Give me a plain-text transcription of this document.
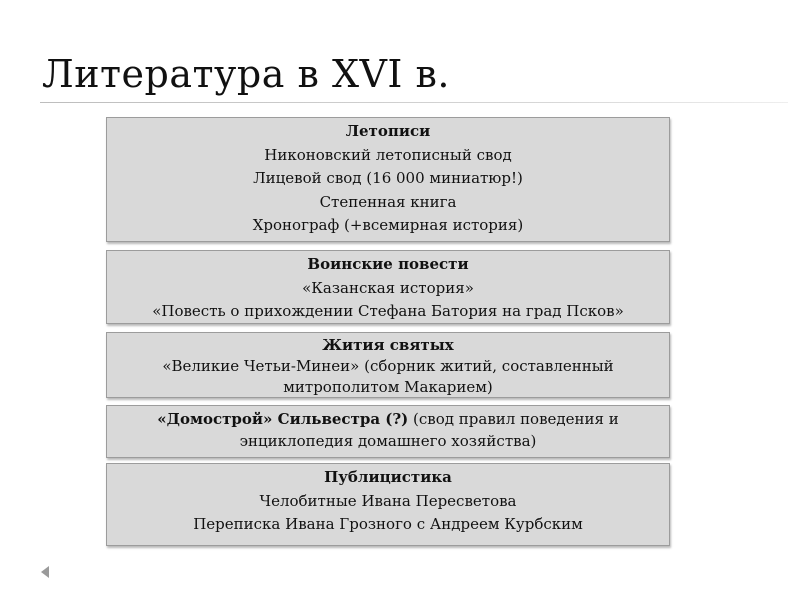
Литература в XVI в.
Летописи
Никоновский летописный свод
Лицевой свод (16 000 миниатюр!)
Степенная книга
Хронограф (+всемирная история)
Воинские повести
«Казанская история»
«Повесть о прихождении Стефана Батория на град Псков»
Жития святых
«Великие Четьи-Минеи» (сборник житий, составленный митрополитом Макарием)
«Домострой» Сильвестра (?) (свод правил поведения и энциклопедия домашнего хозяйства)
Публицистика
Челобитные Ивана Пересветова
Переписка Ивана Грозного с Андреем Курбским
